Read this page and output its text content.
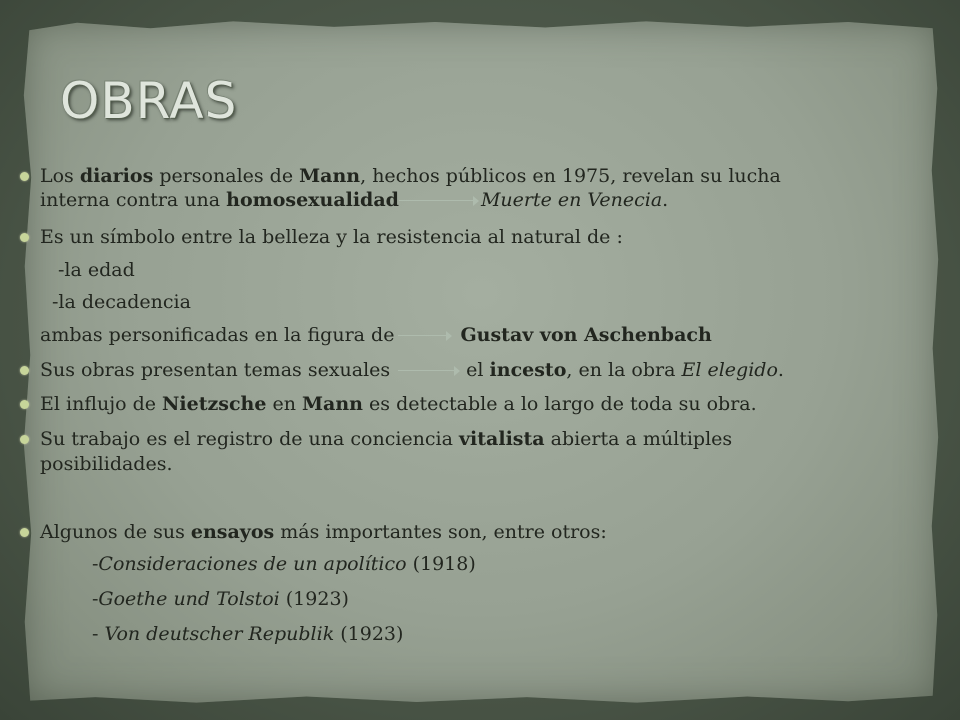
OBRAS
Los diarios personales de Mann, hechos públicos en 1975, revelan su lucha
interna contra una homosexualidad	Muerte en Venecia.
Es un símbolo entre la belleza y la resistencia al natural de :
-la edad
-la decadencia
ambas personificadas en la figura de	Gustav von Aschenbach
Sus obras presentan temas sexuales	el incesto, en la obra El elegido.
El influjo de Nietzsche en Mann es detectable a lo largo de toda su obra.
Su trabajo es el registro de una conciencia vitalista abierta a múltiples
posibilidades.
Algunos de sus ensayos más importantes son, entre otros:
-Consideraciones de un apolítico (1918)
-Goethe und Tolstoi (1923)
- Von deutscher Republik (1923)
